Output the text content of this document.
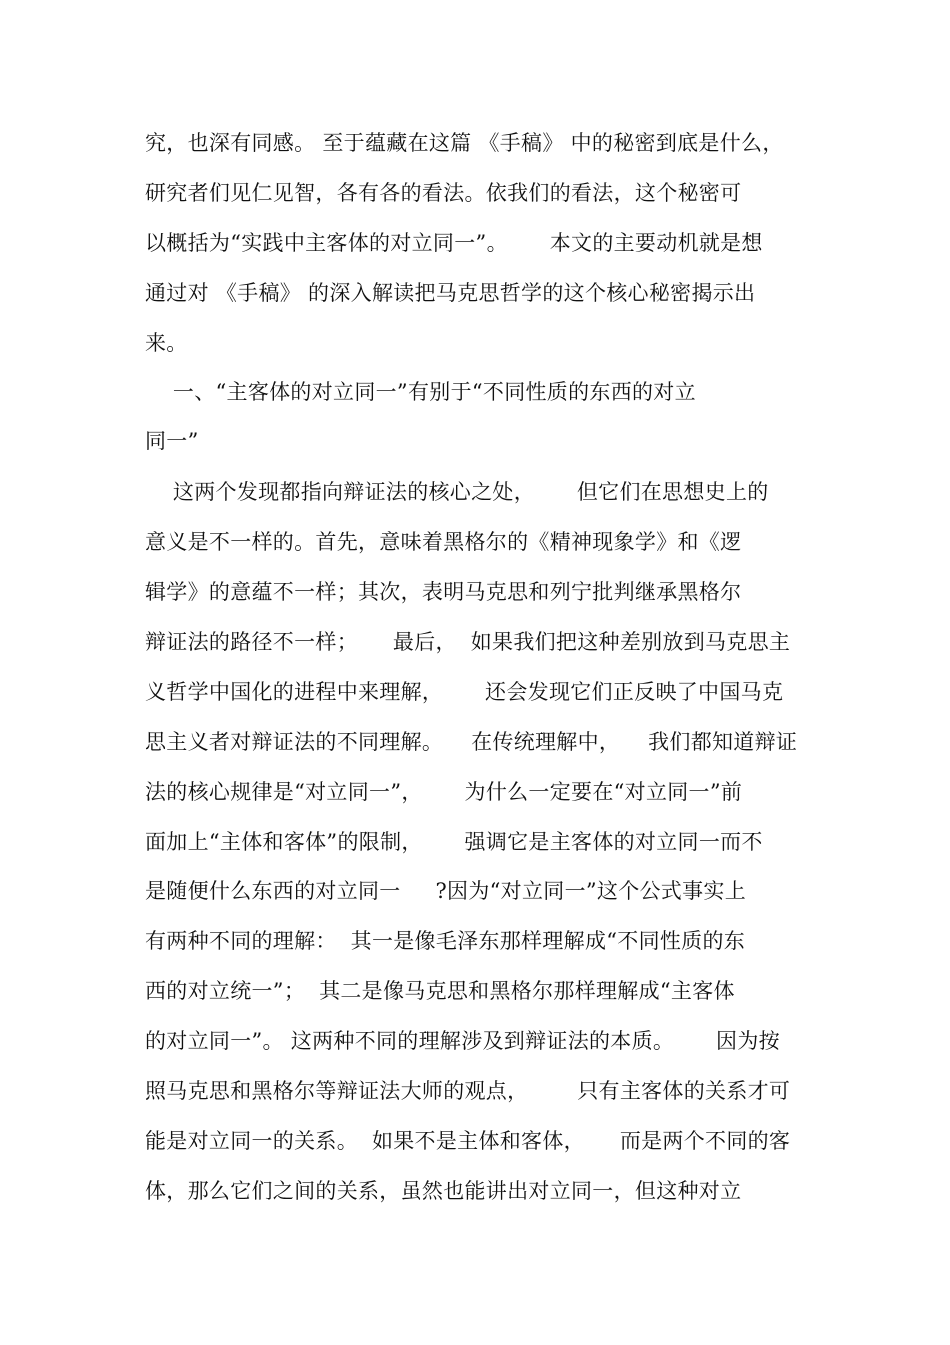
究，也深有同感。 至于蕴藏在这篇 《手稿》 中的秘密到底是什么，
研究者们见仁见智，各有各的看法。依我们的看法，这个秘密可
以概括为“实践中主客体的对立同一”。      本文的主要动机就是想
通过对 《手稿》 的深入解读把马克思哲学的这个核心秘密揭示出
来。
一、“主客体的对立同一”有别于“不同性质的东西的对立
同一”
这两个发现都指向辩证法的核心之处，      但它们在思想史上的
意义是不一样的。首先，意味着黑格尔的《精神现象学》和《逻
辑学》的意蕴不一样；其次，表明马克思和列宁批判继承黑格尔
辩证法的路径不一样；     最后，  如果我们把这种差别放到马克思主
义哲学中国化的进程中来理解，      还会发现它们正反映了中国马克
思主义者对辩证法的不同理解。    在传统理解中，    我们都知道辩证
法的核心规律是“对立同一”，      为什么一定要在“对立同一”前
面加上“主体和客体”的限制，      强调它是主客体的对立同一而不
是随便什么东西的对立同一     ?因为“对立同一”这个公式事实上
有两种不同的理解：  其一是像毛泽东那样理解成“不同性质的东
西的对立统一”；  其二是像马克思和黑格尔那样理解成“主客体
的对立同一”。 这两种不同的理解涉及到辩证法的本质。      因为按
照马克思和黑格尔等辩证法大师的观点，       只有主客体的关系才可
能是对立同一的关系。  如果不是主体和客体，     而是两个不同的客
体，那么它们之间的关系，虽然也能讲出对立同一，但这种对立
